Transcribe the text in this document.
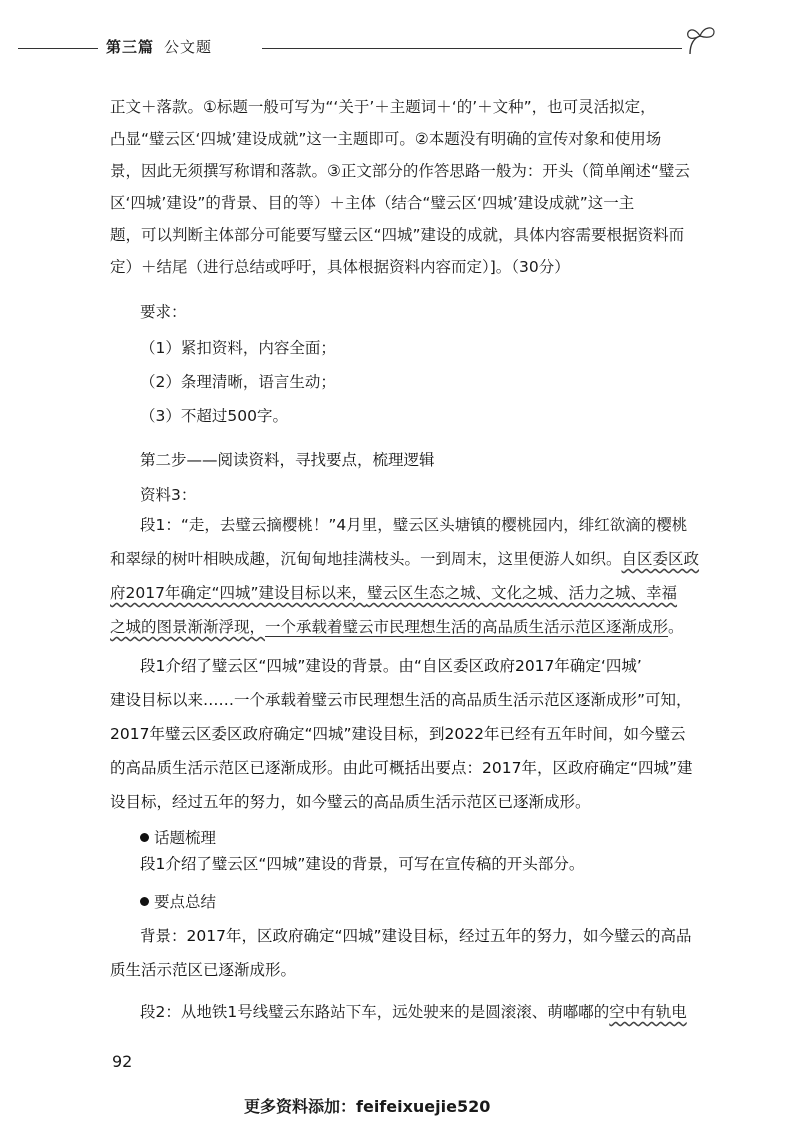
第三篇 公文题
正文＋落款。①标题一般可写为“‘关于’＋主题词＋‘的’＋文种”，也可灵活拟定，
凸显“璧云区‘四城’建设成就”这一主题即可。②本题没有明确的宣传对象和使用场
景，因此无须撰写称谓和落款。③正文部分的作答思路一般为：开头（简单阐述“璧云
区‘四城’建设”的背景、目的等）＋主体（结合“璧云区‘四城’建设成就”这一主
题，可以判断主体部分可能要写璧云区“四城”建设的成就，具体内容需要根据资料而
定）＋结尾（进行总结或呼吁，具体根据资料内容而定）]。（30分）
要求：
（1）紧扣资料，内容全面；
（2）条理清晰，语言生动；
（3）不超过500字。
第二步——阅读资料，寻找要点，梳理逻辑
资料3：
段1：“走，去璧云摘樱桃！”4月里，璧云区头塘镇的樱桃园内，绯红欲滴的樱桃
和翠绿的树叶相映成趣，沉甸甸地挂满枝头。一到周末，这里便游人如织。自区委区政
府2017年确定“四城”建设目标以来，璧云区生态之城、文化之城、活力之城、幸福
之城的图景渐渐浮现，一个承载着璧云市民理想生活的高品质生活示范区逐渐成形。
段1介绍了璧云区“四城”建设的背景。由“自区委区政府2017年确定‘四城’
建设目标以来……一个承载着璧云市民理想生活的高品质生活示范区逐渐成形”可知，
2017年璧云区委区政府确定“四城”建设目标，到2022年已经有五年时间，如今璧云
的高品质生活示范区已逐渐成形。由此可概括出要点：2017年，区政府确定“四城”建
设目标，经过五年的努力，如今璧云的高品质生活示范区已逐渐成形。
话题梳理
段1介绍了璧云区“四城”建设的背景，可写在宣传稿的开头部分。
要点总结
背景：2017年，区政府确定“四城”建设目标，经过五年的努力，如今璧云的高品
质生活示范区已逐渐成形。
段2：从地铁1号线璧云东路站下车，远处驶来的是圆滚滚、萌嘟嘟的空中有轨电
92
更多资料添加：feifeixuejie520
